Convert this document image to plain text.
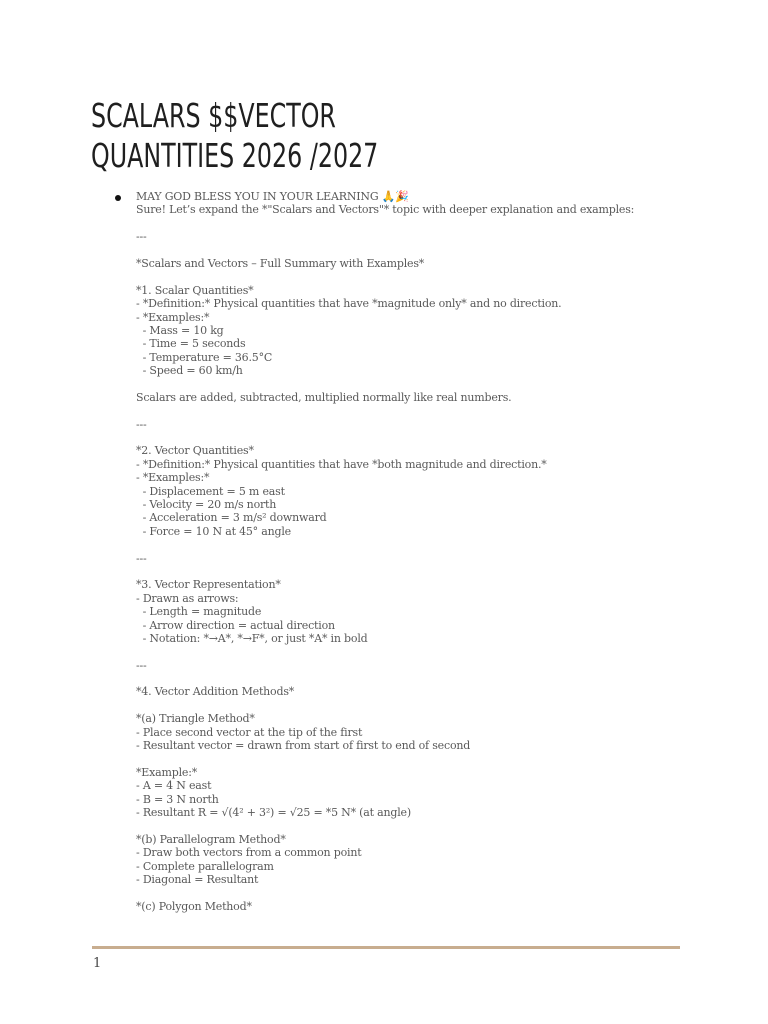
SCALARS $$VECTOR
QUANTITIES 2026 /2027
MAY GOD BLESS YOU IN YOUR LEARNING 🙏🎉
Sure! Let’s expand the *"Scalars and Vectors"* topic with deeper explanation and examples:
---
*Scalars and Vectors – Full Summary with Examples*
*1. Scalar Quantities*
- *Definition:* Physical quantities that have *magnitude only* and no direction.
- *Examples:*
- Mass = 10 kg
- Time = 5 seconds
- Temperature = 36.5°C
- Speed = 60 km/h
Scalars are added, subtracted, multiplied normally like real numbers.
---
*2. Vector Quantities*
- *Definition:* Physical quantities that have *both magnitude and direction.*
- *Examples:*
- Displacement = 5 m east
- Velocity = 20 m/s north
- Acceleration = 3 m/s² downward
- Force = 10 N at 45° angle
---
*3. Vector Representation*
- Drawn as arrows:
- Length = magnitude
- Arrow direction = actual direction
- Notation: *→A*, *→F*, or just *A* in bold
---
*4. Vector Addition Methods*
*(a) Triangle Method*
- Place second vector at the tip of the first
- Resultant vector = drawn from start of first to end of second
*Example:*
- A = 4 N east
- B = 3 N north
- Resultant R = √(4² + 3²) = √25 = *5 N* (at angle)
*(b) Parallelogram Method*
- Draw both vectors from a common point
- Complete parallelogram
- Diagonal = Resultant
*(c) Polygon Method*
1
